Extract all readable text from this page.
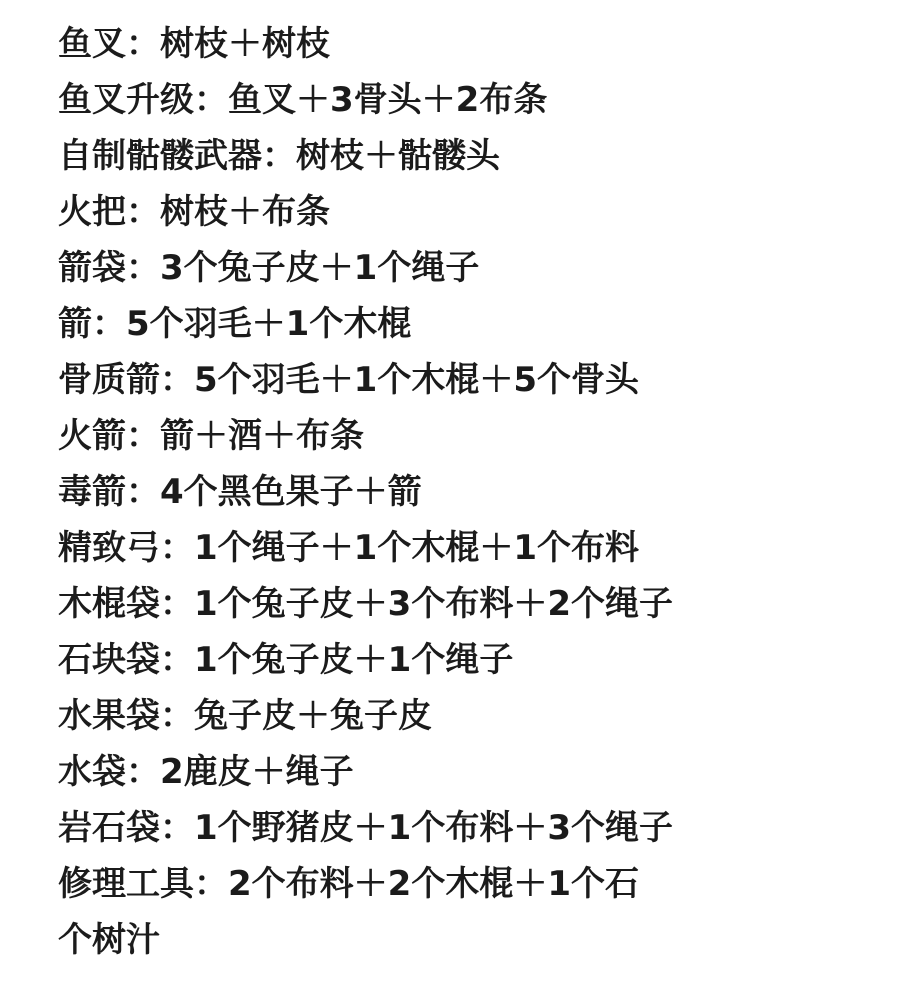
鱼叉：树枝＋树枝
鱼叉升级：鱼叉＋3骨头＋2布条
自制骷髅武器：树枝＋骷髅头
火把：树枝＋布条
箭袋：3个兔子皮＋1个绳子
箭：5个羽毛＋1个木棍
骨质箭：5个羽毛＋1个木棍＋5个骨头
火箭：箭＋酒＋布条
毒箭：4个黑色果子＋箭
精致弓：1个绳子＋1个木棍＋1个布料
木棍袋：1个兔子皮＋3个布料＋2个绳子
石块袋：1个兔子皮＋1个绳子
水果袋：兔子皮＋兔子皮
水袋：2鹿皮＋绳子
岩石袋：1个野猪皮＋1个布料＋3个绳子
修理工具：2个布料＋2个木棍＋1个石
个树汁
